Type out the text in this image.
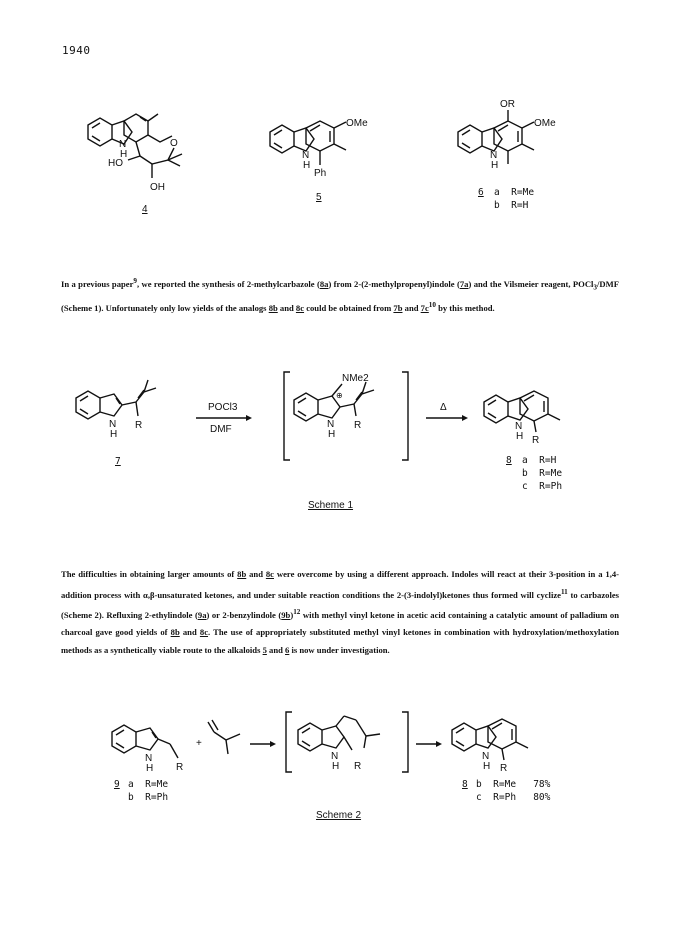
1940
N
H
O
HO
OH
4
OMe
N
H
Ph
5
OR
OMe
N
H
6 a  R=Me
b  R=H
In a previous paper$^9$, we reported the synthesis of 2-methylcarbazole (8a) from 2-(2-methylpropenyl)indole (7a) and the Vilsmeier reagent, POCl$_3$/DMF (Scheme 1). Unfortunately only low yields of the analogs 8b and 8c could be obtained from 7b and $7c^{10}$ by this method.
N
H
R
POCl3
DMF
NMe2
⊕
N
H
R
Δ
N
H R
7	8 a  R=H
b  R=Me
c  R=Ph
Scheme 1
The difficulties in obtaining larger amounts of 8b and 8c were overcome by using a different approach. Indoles will react at their 3-position in a 1,4-addition process with α,β-unsaturated ketones, and under suitable reaction conditions the 2-(3-indolyl)ketones thus formed will cyclize$^{11}$ to carbazoles (Scheme 2). Refluxing 2-ethylindole (9a) or 2-benzylindole $(9b)^{12}$ with methyl vinyl ketone in acetic acid containing a catalytic amount of palladium on charcoal gave good yields of 8b and 8c. The use of appropriately substituted methyl vinyl ketones in combination with hydroxylation/methoxylation methods as a synthetically viable route to the alkaloids 5 and 6 is now under investigation.
N
H R
+
N
H R
N
H R
9 a  R=Me
b  R=Ph
8 b  R=Me   78%
c  R=Ph   80%
Scheme 2
